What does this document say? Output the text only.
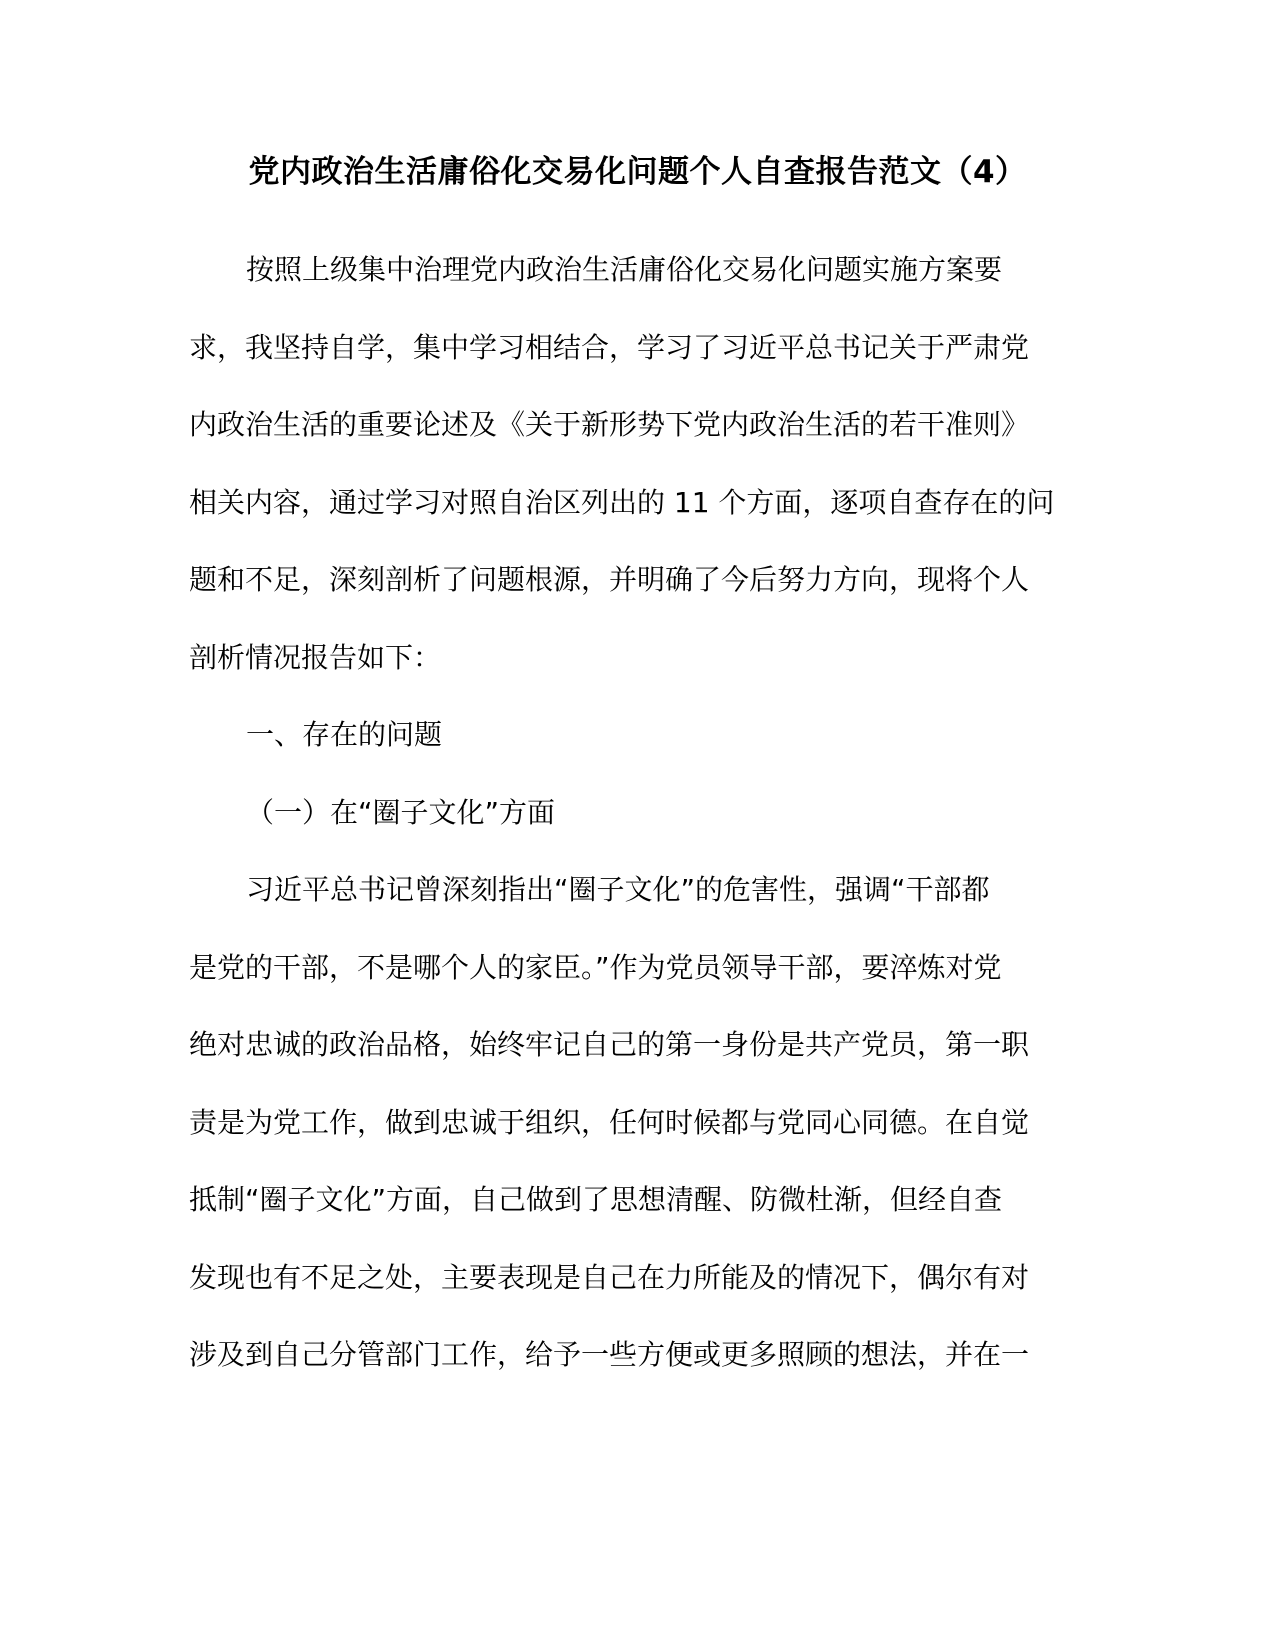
党内政治生活庸俗化交易化问题个人自查报告范文（4）
按照上级集中治理党内政治生活庸俗化交易化问题实施方案要
求，我坚持自学，集中学习相结合，学习了习近平总书记关于严肃党
内政治生活的重要论述及《关于新形势下党内政治生活的若干准则》
相关内容，通过学习对照自治区列出的 11 个方面，逐项自查存在的问
题和不足，深刻剖析了问题根源，并明确了今后努力方向，现将个人
剖析情况报告如下：
一、存在的问题
（一）在“圈子文化”方面
习近平总书记曾深刻指出“圈子文化”的危害性，强调“干部都
是党的干部，不是哪个人的家臣。”作为党员领导干部，要淬炼对党
绝对忠诚的政治品格，始终牢记自己的第一身份是共产党员，第一职
责是为党工作，做到忠诚于组织，任何时候都与党同心同德。在自觉
抵制“圈子文化”方面，自己做到了思想清醒、防微杜渐，但经自查
发现也有不足之处，主要表现是自己在力所能及的情况下，偶尔有对
涉及到自己分管部门工作，给予一些方便或更多照顾的想法，并在一
